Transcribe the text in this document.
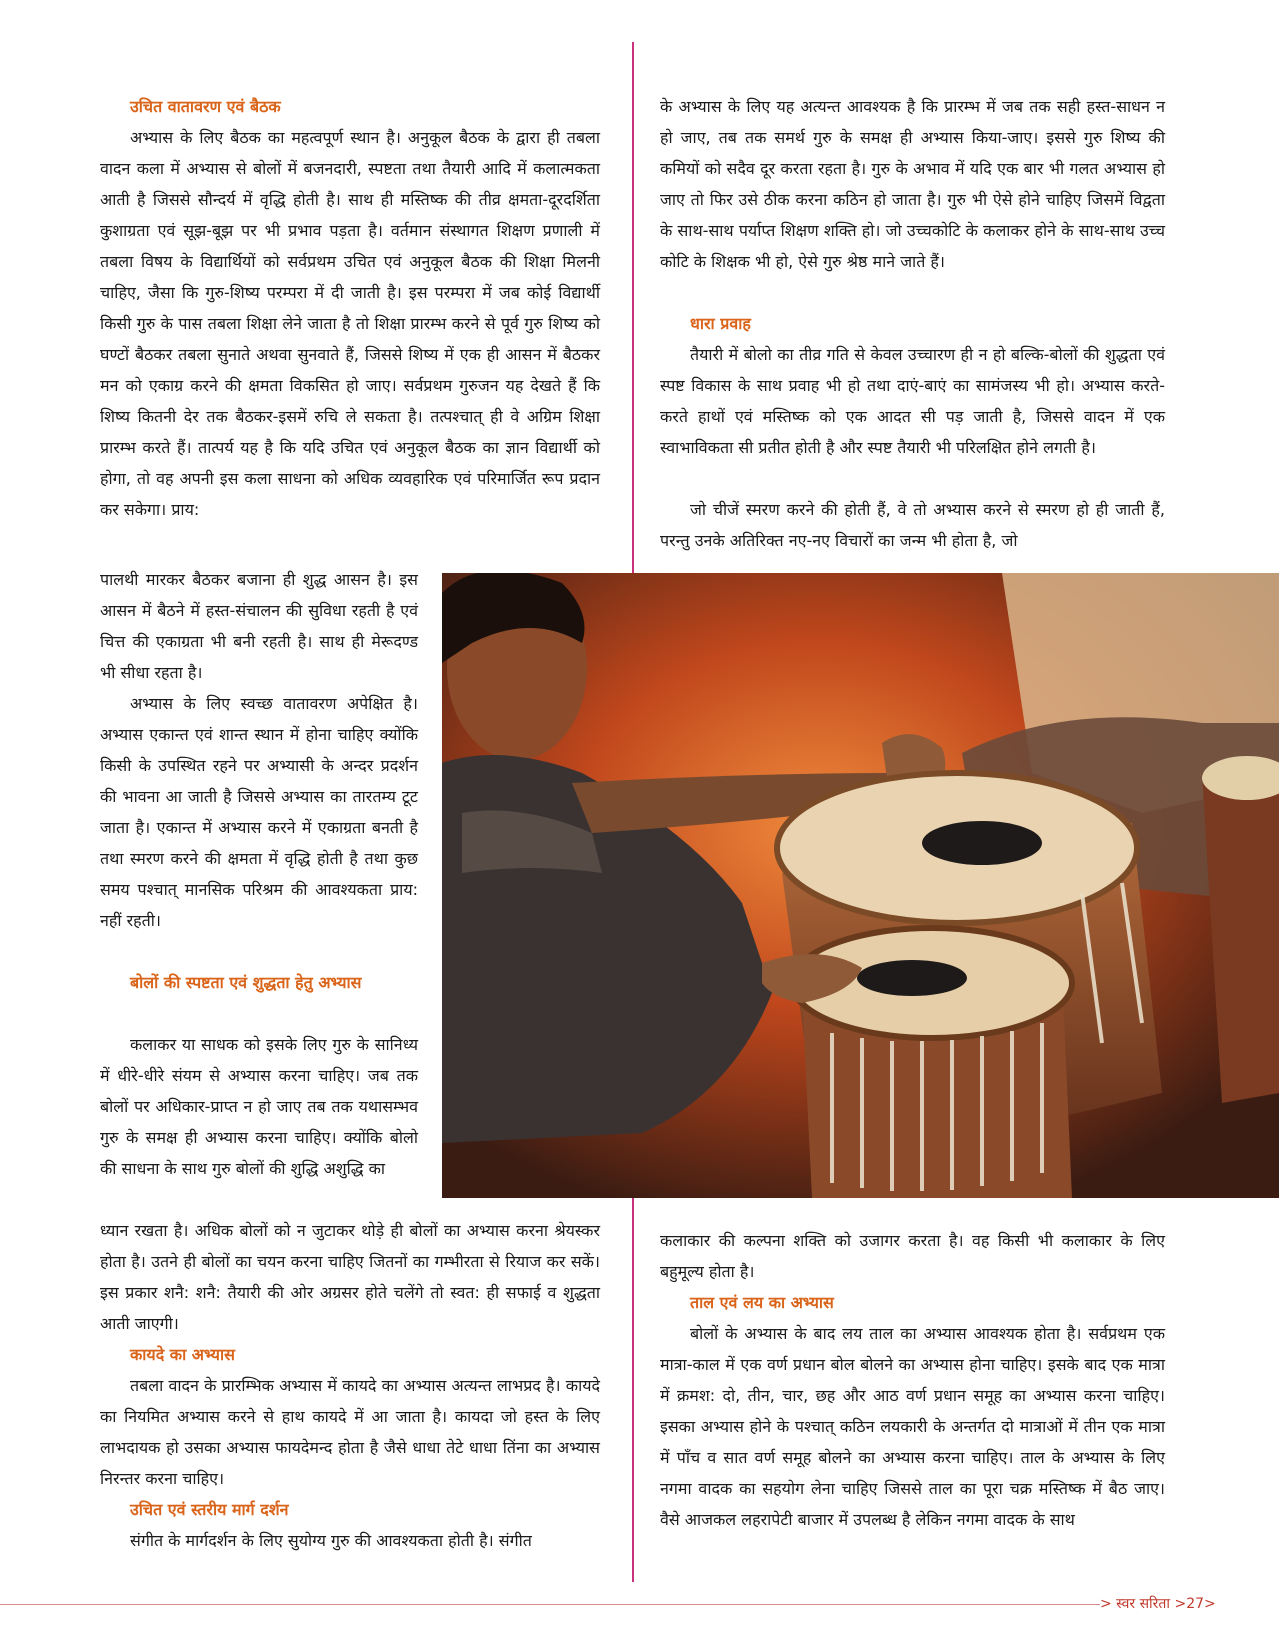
उचित वातावरण एवं बैठक

अभ्यास के लिए बैठक का महत्वपूर्ण स्थान है। अनुकूल बैठक के द्वारा ही तबला वादन कला में अभ्यास से बोलों में बजनदारी, स्पष्टता तथा तैयारी आदि में कलात्मकता आती है जिससे सौन्दर्य में वृद्धि होती है। साथ ही मस्तिष्क की तीव्र क्षमता-दूरदर्शिता कुशाग्रता एवं सूझ-बूझ पर भी प्रभाव पड़ता है। वर्तमान संस्थागत शिक्षण प्रणाली में तबला विषय के विद्यार्थियों को सर्वप्रथम उचित एवं अनुकूल बैठक की शिक्षा मिलनी चाहिए, जैसा कि गुरु-शिष्य परम्परा में दी जाती है। इस परम्परा में जब कोई विद्यार्थी किसी गुरु के पास तबला शिक्षा लेने जाता है तो शिक्षा प्रारम्भ करने से पूर्व गुरु शिष्य को घण्टों बैठकर तबला सुनाते अथवा सुनवाते हैं, जिससे शिष्य में एक ही आसन में बैठकर मन को एकाग्र करने की क्षमता विकसित हो जाए। सर्वप्रथम गुरुजन यह देखते हैं कि शिष्य कितनी देर तक बैठकर-इसमें रुचि ले सकता है। तत्पश्चात् ही वे अग्रिम शिक्षा प्रारम्भ करते हैं। तात्पर्य यह है कि यदि उचित एवं अनुकूल बैठक का ज्ञान विद्यार्थी को होगा, तो वह अपनी इस कला साधना को अधिक व्यवहारिक एवं परिमार्जित रूप प्रदान कर सकेगा। प्राय:

पालथी मारकर बैठकर बजाना ही शुद्ध आसन है। इस आसन में बैठने में हस्त-संचालन की सुविधा रहती है एवं चित्त की एकाग्रता भी बनी रहती है। साथ ही मेरूदण्ड भी सीधा रहता है।

अभ्यास के लिए स्वच्छ वातावरण अपेक्षित है। अभ्यास एकान्त एवं शान्त स्थान में होना चाहिए क्योंकि किसी के उपस्थित रहने पर अभ्यासी के अन्दर प्रदर्शन की भावना आ जाती है जिससे अभ्यास का तारतम्य टूट जाता है। एकान्त में अभ्यास करने में एकाग्रता बनती है तथा स्मरण करने की क्षमता में वृद्धि होती है तथा कुछ समय पश्चात् मानसिक परिश्रम की आवश्यकता प्राय: नहीं रहती।

बोलों की स्पष्टता एवं शुद्धता हेतु अभ्यास

कलाकर या साधक को इसके लिए गुरु के सानिध्य में धीरे-धीरे संयम से अभ्यास करना चाहिए। जब तक बोलों पर अधिकार-प्राप्त न हो जाए तब तक यथासम्भव गुरु के समक्ष ही अभ्यास करना चाहिए। क्योंकि बोलो की साधना के साथ गुरु बोलों की शुद्धि अशुद्धि का

ध्यान रखता है। अधिक बोलों को न जुटाकर थोड़े ही बोलों का अभ्यास करना श्रेयस्कर होता है। उतने ही बोलों का चयन करना चाहिए जितनों का गम्भीरता से रियाज कर सकें। इस प्रकार शनै: शनै: तैयारी की ओर अग्रसर होते चलेंगे तो स्वत: ही सफाई व शुद्धता आती जाएगी।

कायदे का अभ्यास

तबला वादन के प्रारम्भिक अभ्यास में कायदे का अभ्यास अत्यन्त लाभप्रद है। कायदे का नियमित अभ्यास करने से हाथ कायदे में आ जाता है। कायदा जो हस्त के लिए लाभदायक हो उसका अभ्यास फायदेमन्द होता है जैसे धाधा तेटे धाधा तिंना का अभ्यास निरन्तर करना चाहिए।

उचित एवं स्तरीय मार्ग दर्शन

संगीत के मार्गदर्शन के लिए सुयोग्य गुरु की आवश्यकता होती है। संगीत

के अभ्यास के लिए यह अत्यन्त आवश्यक है कि प्रारम्भ में जब तक सही हस्त-साधन न हो जाए, तब तक समर्थ गुरु के समक्ष ही अभ्यास किया-जाए। इससे गुरु शिष्य की कमियों को सदैव दूर करता रहता है। गुरु के अभाव में यदि एक बार भी गलत अभ्यास हो जाए तो फिर उसे ठीक करना कठिन हो जाता है। गुरु भी ऐसे होने चाहिए जिसमें विद्वता के साथ-साथ पर्याप्त शिक्षण शक्ति हो। जो उच्चकोटि के कलाकर होने के साथ-साथ उच्च कोटि के शिक्षक भी हो, ऐसे गुरु श्रेष्ठ माने जाते हैं।

धारा प्रवाह

तैयारी में बोलो का तीव्र गति से केवल उच्चारण ही न हो बल्कि-बोलों की शुद्धता एवं स्पष्ट विकास के साथ प्रवाह भी हो तथा दाएं-बाएं का सामंजस्य भी हो। अभ्यास करते-करते हाथों एवं मस्तिष्क को एक आदत सी पड़ जाती है, जिससे वादन में एक स्वाभाविकता सी प्रतीत होती है और स्पष्ट तैयारी भी परिलक्षित होने लगती है।

जो चीजें स्मरण करने की होती हैं, वे तो अभ्यास करने से स्मरण हो ही जाती हैं, परन्तु उनके अतिरिक्त नए-नए विचारों का जन्म भी होता है, जो

कलाकार की कल्पना शक्ति को उजागर करता है। वह किसी भी कलाकार के लिए बहुमूल्य होता है।

ताल एवं लय का अभ्यास

बोलों के अभ्यास के बाद लय ताल का अभ्यास आवश्यक होता है। सर्वप्रथम एक मात्रा-काल में एक वर्ण प्रधान बोल बोलने का अभ्यास होना चाहिए। इसके बाद एक मात्रा में क्रमश: दो, तीन, चार, छह और आठ वर्ण प्रधान समूह का अभ्यास करना चाहिए। इसका अभ्यास होने के पश्चात् कठिन लयकारी के अन्तर्गत दो मात्राओं में तीन एक मात्रा में पाँच व सात वर्ण समूह बोलने का अभ्यास करना चाहिए। ताल के अभ्यास के लिए नगमा वादक का सहयोग लेना चाहिए जिससे ताल का पूरा चक्र मस्तिष्क में बैठ जाए। वैसे आजकल लहरापेटी बाजार में उपलब्ध है लेकिन नगमा वादक के साथ

> स्वर सरिता >27>
